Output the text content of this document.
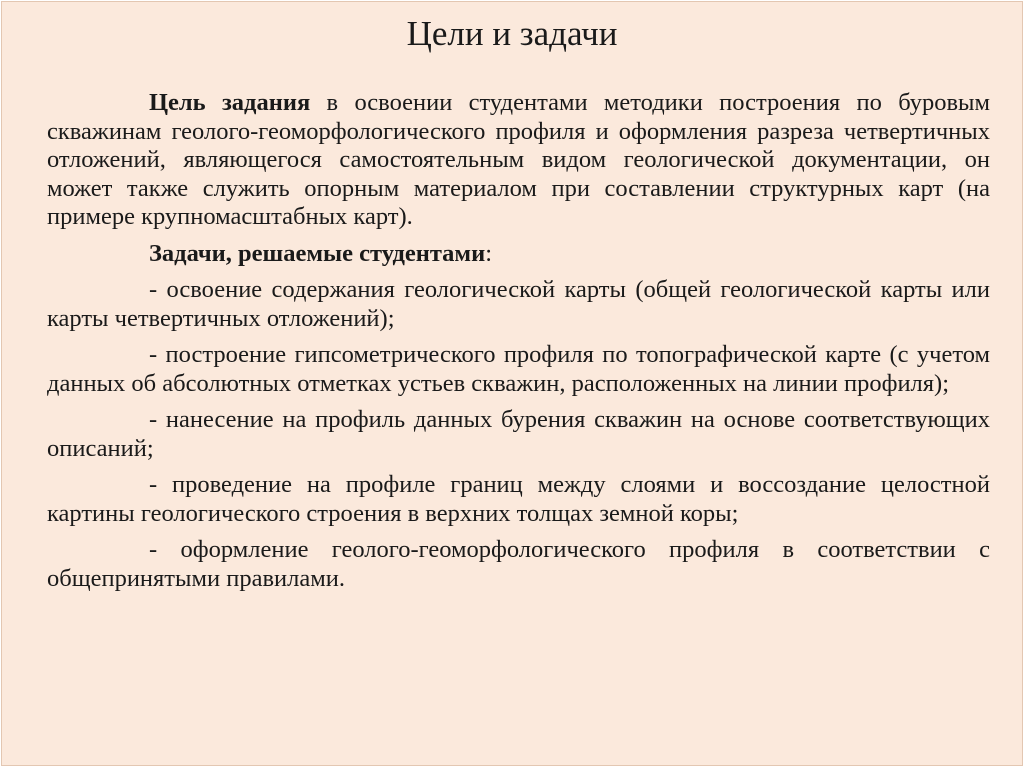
Цели и задачи

Цель задания в освоении студентами методики построения по буровым скважинам геолого-геоморфологического профиля и оформления разреза четвертичных отложений, являющегося самостоятельным видом геологической документации, он может также служить опорным материалом при составлении структурных карт (на примере крупномасштабных карт).

Задачи, решаемые студентами:

- освоение содержания геологической карты (общей геологической карты или карты четвертичных отложений);

- построение гипсометрического профиля по топографической карте (с учетом данных об абсолютных отметках устьев скважин, расположенных на линии профиля);

- нанесение на профиль данных бурения скважин на основе соответствующих описаний;

- проведение на профиле границ между слоями и воссоздание целостной картины геологического строения в верхних толщах земной коры;

- оформление геолого-геоморфологического профиля в соответствии с общепринятыми правилами.
